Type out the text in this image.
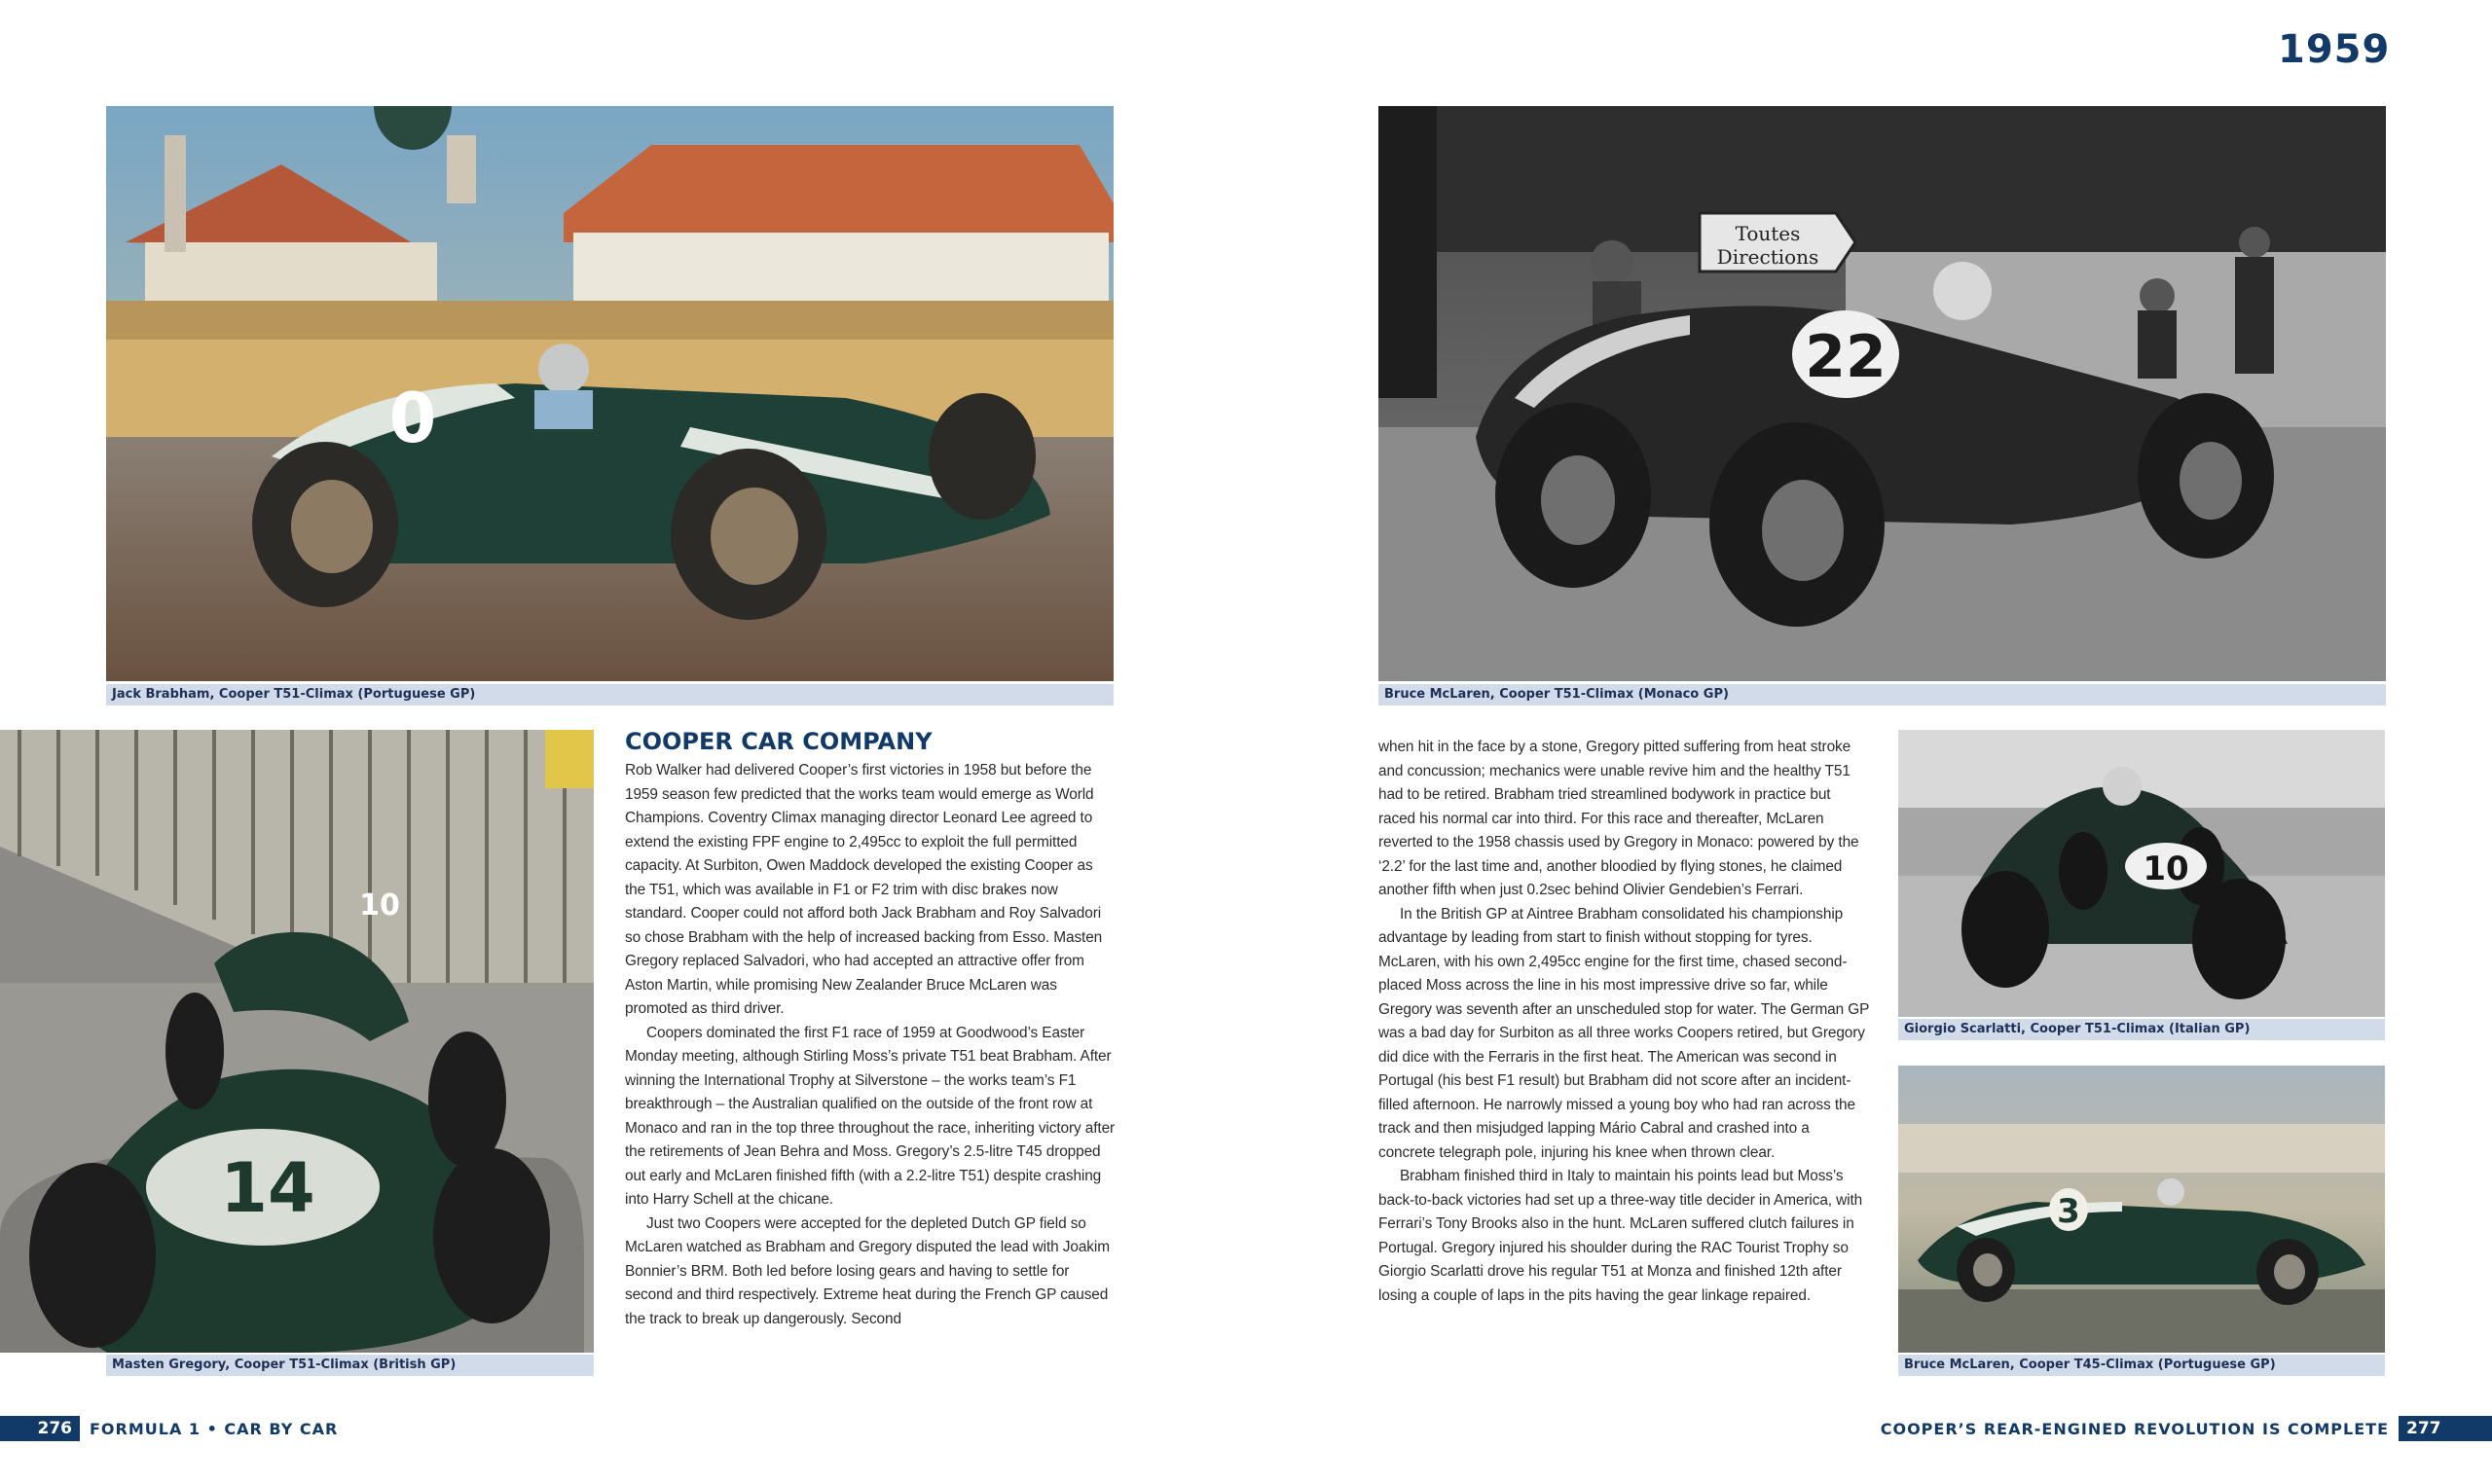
1959
0
Jack Brabham, Cooper T51-Climax (Portuguese GP)
Toutes
Directions
22
Bruce McLaren, Cooper T51-Climax (Monaco GP)
14
10
Masten Gregory, Cooper T51-Climax (British GP)
10
Giorgio Scarlatti, Cooper T51-Climax (Italian GP)
3
Bruce McLaren, Cooper T45-Climax (Portuguese GP)
COOPER CAR COMPANY

Rob Walker had delivered Cooper’s first victories in 1958 but before the 1959 season few predicted that the works team would emerge as World Champions. Coventry Climax managing director Leonard Lee agreed to extend the existing FPF engine to 2,495cc to exploit the full permitted capacity. At Surbiton, Owen Maddock developed the existing Cooper as the T51, which was available in F1 or F2 trim with disc brakes now standard. Cooper could not afford both Jack Brabham and Roy Salvadori so chose Brabham with the help of increased backing from Esso. Masten Gregory replaced Salvadori, who had accepted an attractive offer from Aston Martin, while promising New Zealander Bruce McLaren was promoted as third driver.

Coopers dominated the first F1 race of 1959 at Goodwood’s Easter Monday meeting, although Stirling Moss’s private T51 beat Brabham. After winning the International Trophy at Silverstone – the works team’s F1 breakthrough – the Australian qualified on the outside of the front row at Monaco and ran in the top three throughout the race, inheriting victory after the retirements of Jean Behra and Moss. Gregory’s 2.5-litre T45 dropped out early and McLaren finished fifth (with a 2.2-litre T51) despite crashing into Harry Schell at the chicane.

Just two Coopers were accepted for the depleted Dutch GP field so McLaren watched as Brabham and Gregory disputed the lead with Joakim Bonnier’s BRM. Both led before losing gears and having to settle for second and third respectively. Extreme heat during the French GP caused the track to break up dangerously. Second

when hit in the face by a stone, Gregory pitted suffering from heat stroke and concussion; mechanics were unable revive him and the healthy T51 had to be retired. Brabham tried streamlined bodywork in practice but raced his normal car into third. For this race and thereafter, McLaren reverted to the 1958 chassis used by Gregory in Monaco: powered by the ‘2.2’ for the last time and, another bloodied by flying stones, he claimed another fifth when just 0.2sec behind Olivier Gendebien’s Ferrari.

In the British GP at Aintree Brabham consolidated his championship advantage by leading from start to finish without stopping for tyres. McLaren, with his own 2,495cc engine for the first time, chased second-placed Moss across the line in his most impressive drive so far, while Gregory was seventh after an unscheduled stop for water. The German GP was a bad day for Surbiton as all three works Coopers retired, but Gregory did dice with the Ferraris in the first heat. The American was second in Portugal (his best F1 result) but Brabham did not score after an incident-filled afternoon. He narrowly missed a young boy who had ran across the track and then misjudged lapping Mário Cabral and crashed into a concrete telegraph pole, injuring his knee when thrown clear.

Brabham finished third in Italy to maintain his points lead but Moss’s back-to-back victories had set up a three-way title decider in America, with Ferrari’s Tony Brooks also in the hunt. McLaren suffered clutch failures in Portugal. Gregory injured his shoulder during the RAC Tourist Trophy so Giorgio Scarlatti drove his regular T51 at Monza and finished 12th after losing a couple of laps in the pits having the gear linkage repaired.

276	FORMULA 1 • CAR BY CAR	COOPER’S REAR-ENGINED REVOLUTION IS COMPLETE	277
